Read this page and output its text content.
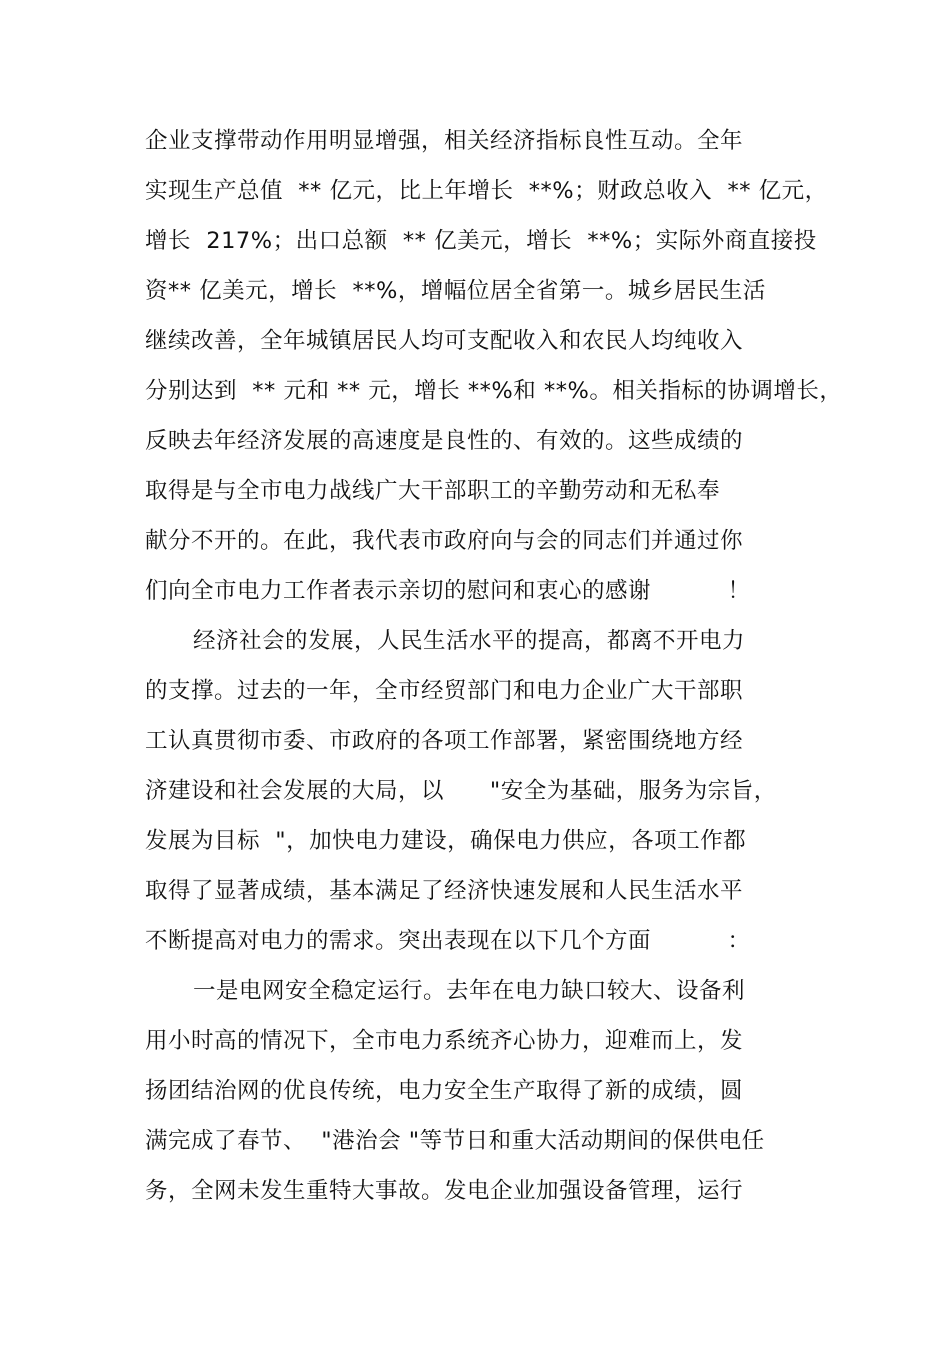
企业支撑带动作用明显增强，相关经济指标良性互动。全年

实现生产总值  ** 亿元，比上年增长  **%；财政总收入  ** 亿元，

增长  217%；出口总额  ** 亿美元，增长  **%；实际外商直接投

资** 亿美元，增长  **%，增幅位居全省第一。城乡居民生活

继续改善，全年城镇居民人均可支配收入和农民人均纯收入

分别达到  ** 元和 ** 元，增长 **%和 **%。相关指标的协调增长，

反映去年经济发展的高速度是良性的、有效的。这些成绩的

取得是与全市电力战线广大干部职工的辛勤劳动和无私奉

献分不开的。在此，我代表市政府向与会的同志们并通过你

们向全市电力工作者表示亲切的慰问和衷心的感谢          ！

经济社会的发展，人民生活水平的提高，都离不开电力

的支撑。过去的一年，全市经贸部门和电力企业广大干部职

工认真贯彻市委、市政府的各项工作部署，紧密围绕地方经

济建设和社会发展的大局，以      "安全为基础，服务为宗旨，

发展为目标  "，加快电力建设，确保电力供应，各项工作都

取得了显著成绩，基本满足了经济快速发展和人民生活水平

不断提高对电力的需求。突出表现在以下几个方面          ：

一是电网安全稳定运行。去年在电力缺口较大、设备利

用小时高的情况下，全市电力系统齐心协力，迎难而上，发

扬团结治网的优良传统，电力安全生产取得了新的成绩，圆

满完成了春节、  "港治会 "等节日和重大活动期间的保供电任

务，全网未发生重特大事故。发电企业加强设备管理，运行
